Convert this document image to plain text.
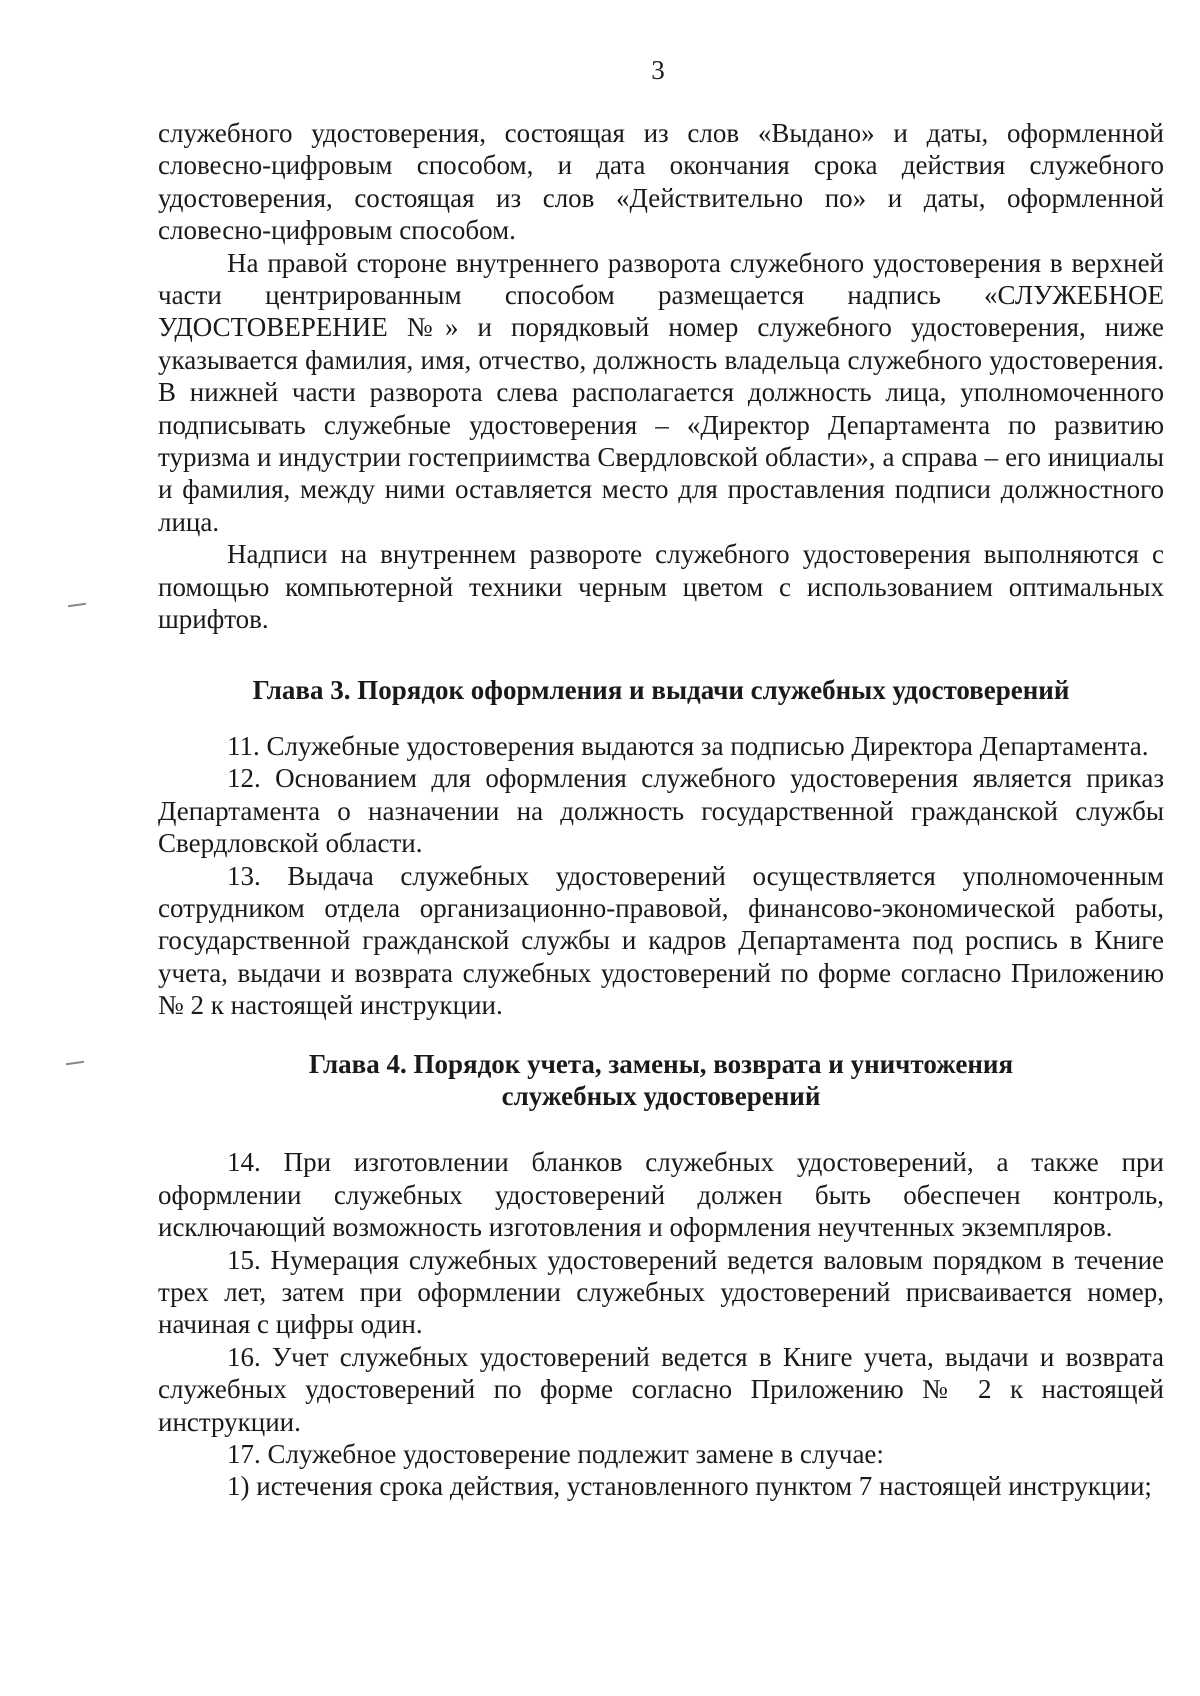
3

служебного удостоверения, состоящая из слов «Выдано» и даты, оформленной словесно-цифровым способом, и дата окончания срока действия служебного удостоверения, состоящая из слов «Действительно по» и даты, оформленной словесно-цифровым способом.

На правой стороне внутреннего разворота служебного удостоверения в верхней части центрированным способом размещается надпись «СЛУЖЕБНОЕ УДОСТОВЕРЕНИЕ №» и порядковый номер служебного удостоверения, ниже указывается фамилия, имя, отчество, должность владельца служебного удостоверения. В нижней части разворота слева располагается должность лица, уполномоченного подписывать служебные удостоверения – «Директор Департамента по развитию туризма и индустрии гостеприимства Свердловской области», а справа – его инициалы и фамилия, между ними оставляется место для проставления подписи должностного лица.

Надписи на внутреннем развороте служебного удостоверения выполняются с помощью компьютерной техники черным цветом с использованием оптимальных шрифтов.

Глава 3. Порядок оформления и выдачи служебных удостоверений

11. Служебные удостоверения выдаются за подписью Директора Департамента.

12. Основанием для оформления служебного удостоверения является приказ Департамента о назначении на должность государственной гражданской службы Свердловской области.

13. Выдача служебных удостоверений осуществляется уполномоченным сотрудником отдела организационно-правовой, финансово-экономической работы, государственной гражданской службы и кадров Департамента под роспись в Книге учета, выдачи и возврата служебных удостоверений по форме согласно Приложению № 2 к настоящей инструкции.

Глава 4. Порядок учета, замены, возврата и уничтожения
служебных удостоверений

14. При изготовлении бланков служебных удостоверений, а также при оформлении служебных удостоверений должен быть обеспечен контроль, исключающий возможность изготовления и оформления неучтенных экземпляров.

15. Нумерация служебных удостоверений ведется валовым порядком в течение трех лет, затем при оформлении служебных удостоверений присваивается номер, начиная с цифры один.

16. Учет служебных удостоверений ведется в Книге учета, выдачи и возврата служебных удостоверений по форме согласно Приложению № 2 к настоящей инструкции.

17. Служебное удостоверение подлежит замене в случае:

1) истечения срока действия, установленного пунктом 7 настоящей инструкции;
